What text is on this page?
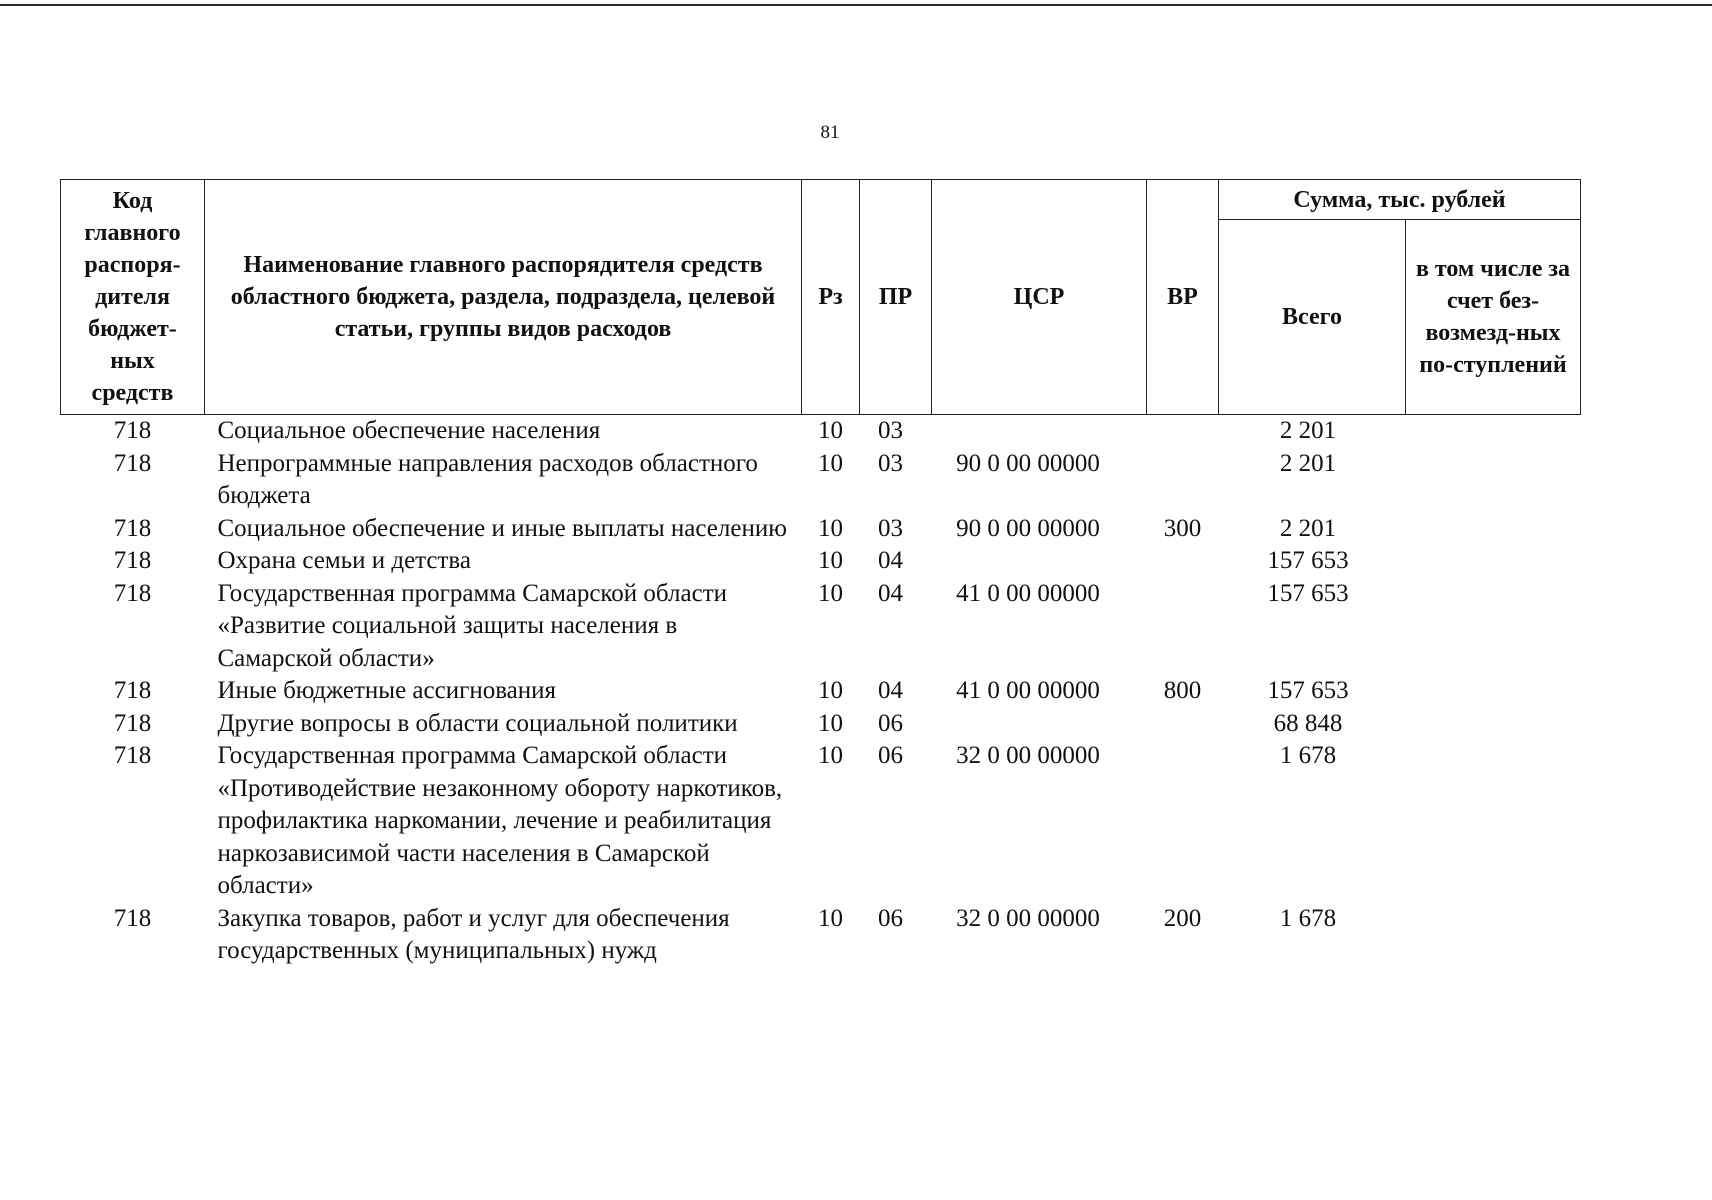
81
Код главного распоря-дителя бюджет-ных средств	Наименование главного распорядителя средств областного бюджета, раздела, подраздела, целевой статьи, группы видов расходов	Рз	ПР	ЦСР	ВР	Сумма, тыс. рублей	
						Всего	в том числе за счет без-возмезд-ных по-ступлений
718	Социальное обеспечение населения	10	03			2 201	
718	Непрограммные направления расходов областного бюджета	10	03	90 0 00 00000		2 201	
718	Социальное обеспечение и иные выплаты населению	10	03	90 0 00 00000	300	2 201	
718	Охрана семьи и детства	10	04			157 653	
718	Государственная программа Самарской области «Развитие социальной защиты населения в Самарской области»	10	04	41 0 00 00000		157 653	
718	Иные бюджетные ассигнования	10	04	41 0 00 00000	800	157 653	
718	Другие вопросы в области социальной политики	10	06			68 848	
718	Государственная программа Самарской области «Противодействие незаконному обороту наркотиков, профилактика наркомании, лечение и реабилитация наркозависимой части населения в Самарской области»	10	06	32 0 00 00000		1 678	
718	Закупка товаров, работ и услуг для обеспечения государственных (муниципальных) нужд	10	06	32 0 00 00000	200	1 678	
